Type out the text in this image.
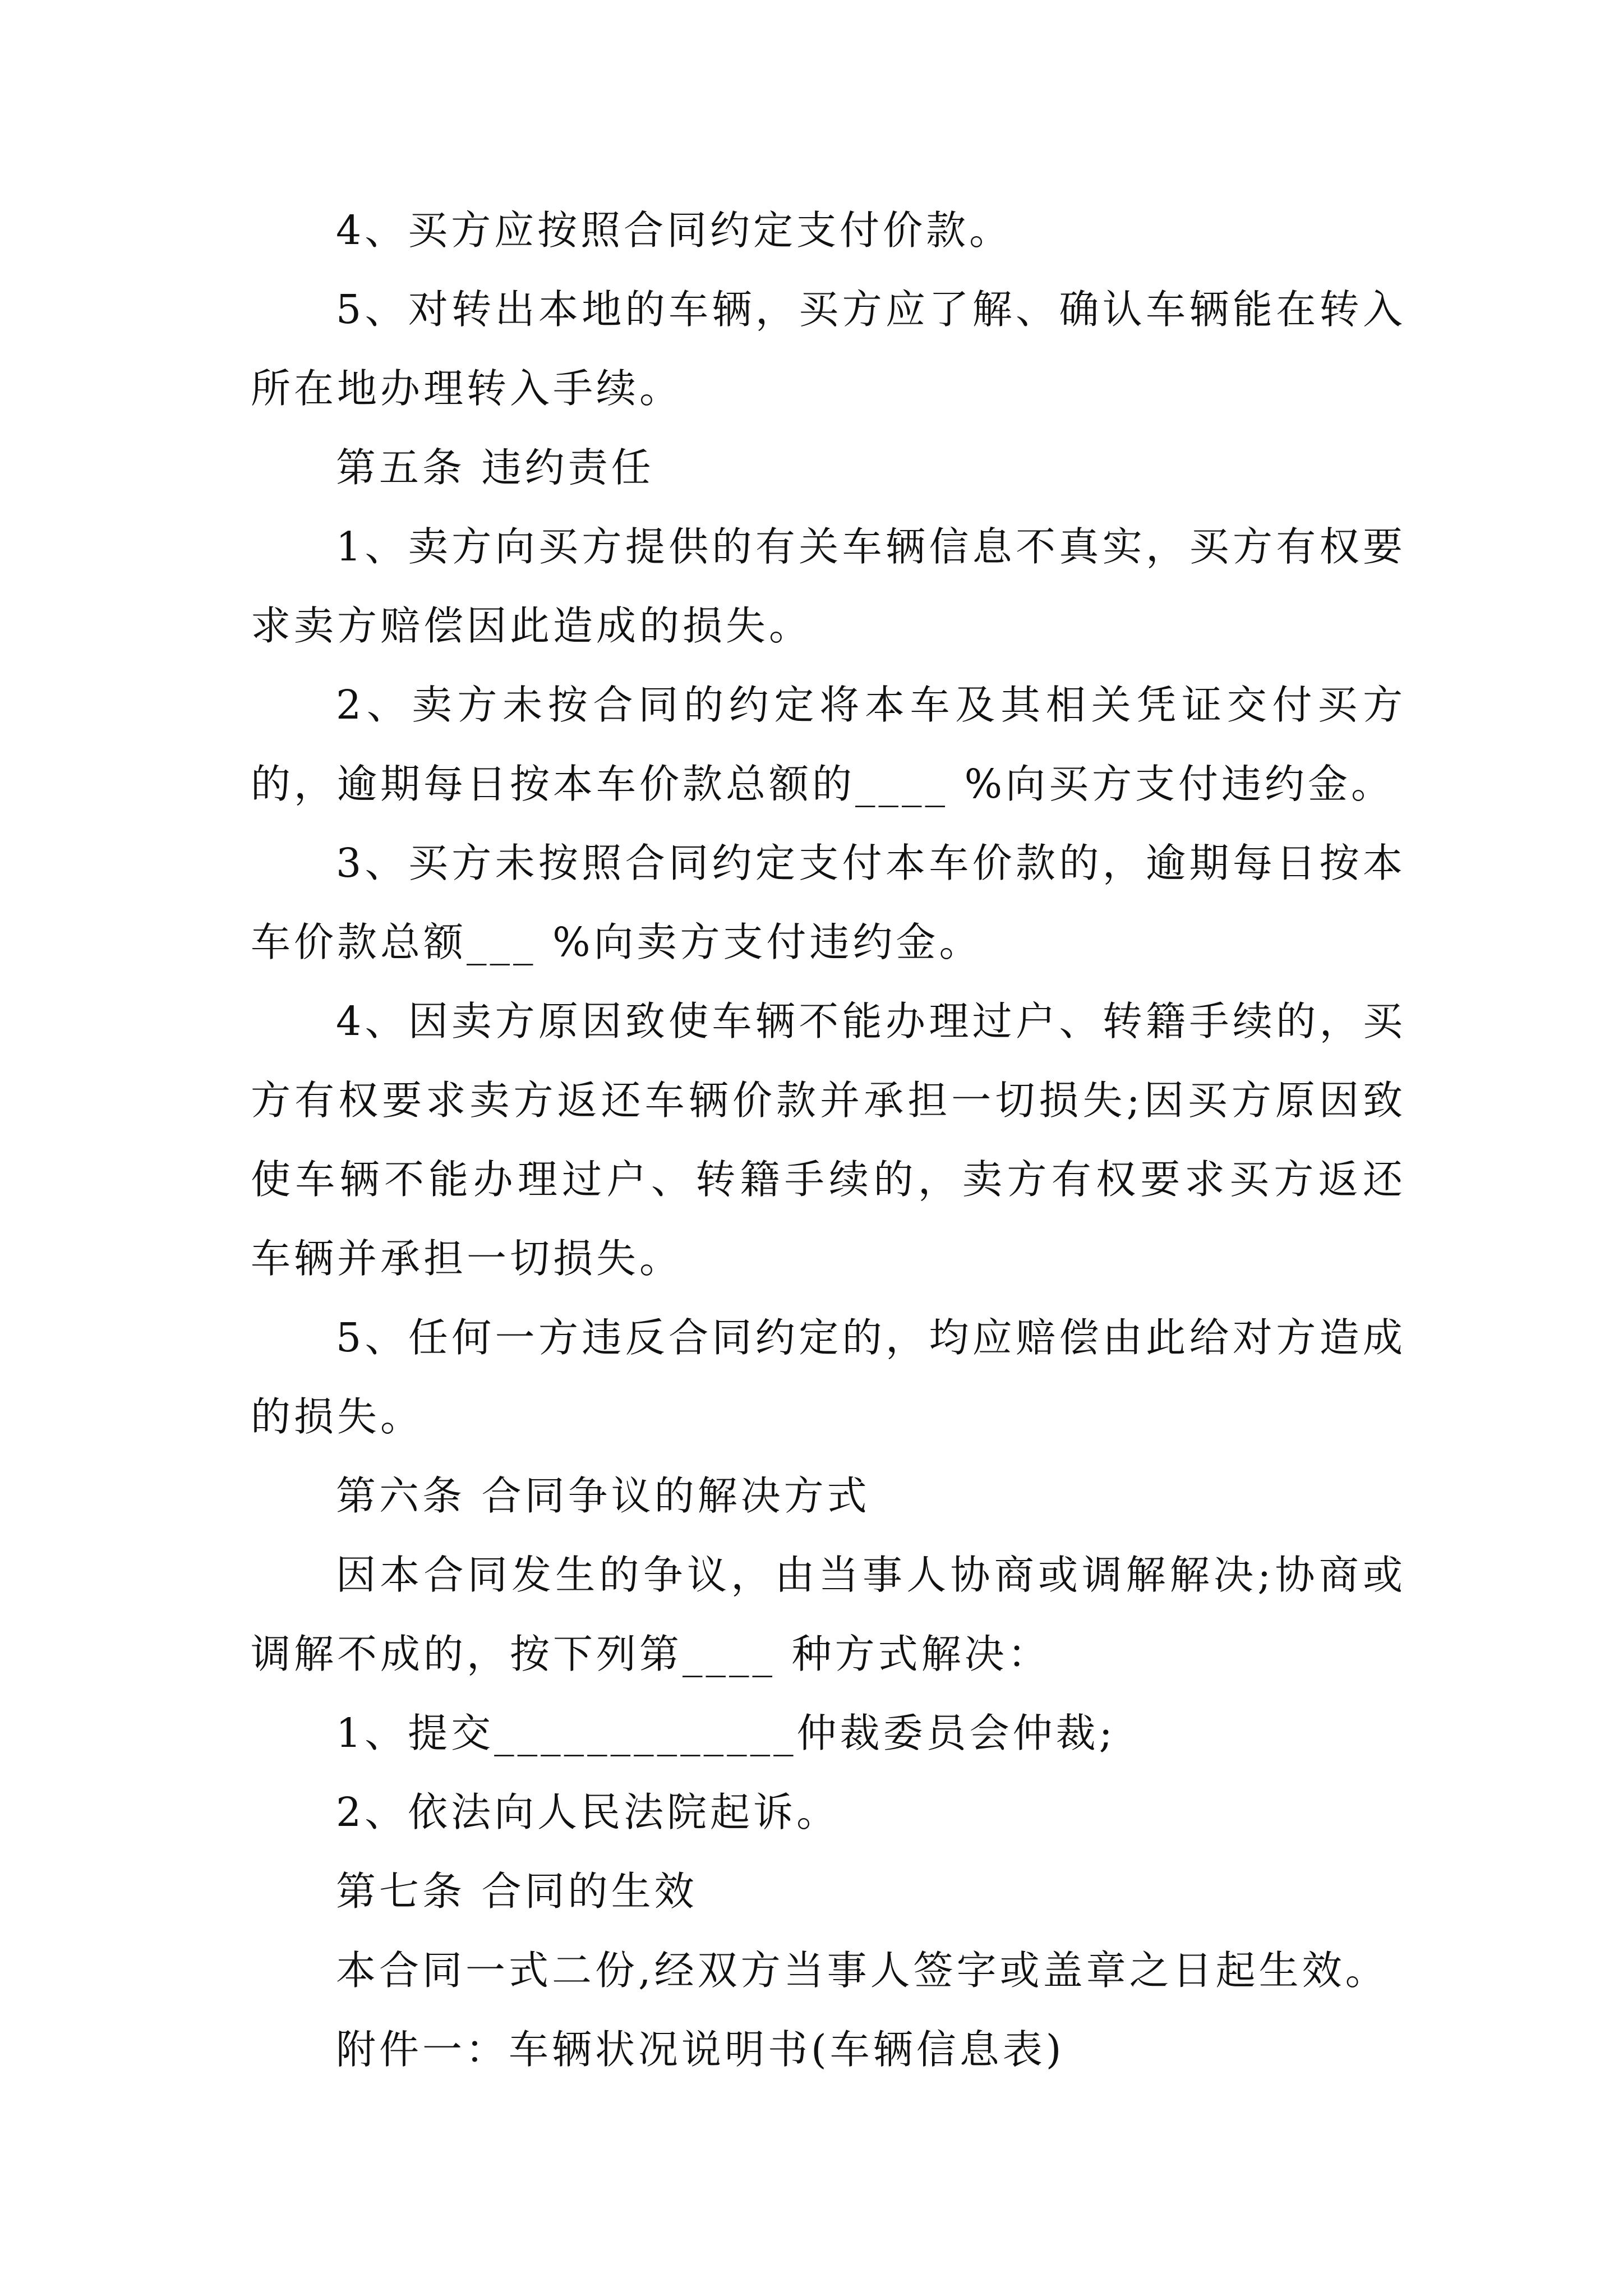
4、买方应按照合同约定支付价款。

5、对转出本地的车辆，买方应了解、确认车辆能在转入所在地办理转入手续。

第五条 违约责任

1、卖方向买方提供的有关车辆信息不真实，买方有权要求卖方赔偿因此造成的损失。

2、卖方未按合同的约定将本车及其相关凭证交付买方的，逾期每日按本车价款总额的____ %向买方支付违约金。

3、买方未按照合同约定支付本车价款的，逾期每日按本车价款总额___ %向卖方支付违约金。

4、因卖方原因致使车辆不能办理过户、转籍手续的，买方有权要求卖方返还车辆价款并承担一切损失;因买方原因致使车辆不能办理过户、转籍手续的，卖方有权要求买方返还车辆并承担一切损失。

5、任何一方违反合同约定的，均应赔偿由此给对方造成的损失。

第六条 合同争议的解决方式

因本合同发生的争议，由当事人协商或调解解决;协商或调解不成的，按下列第____ 种方式解决：

1、提交_____________仲裁委员会仲裁;

2、依法向人民法院起诉。

第七条 合同的生效

本合同一式二份,经双方当事人签字或盖章之日起生效。

附件一：车辆状况说明书(车辆信息表)
